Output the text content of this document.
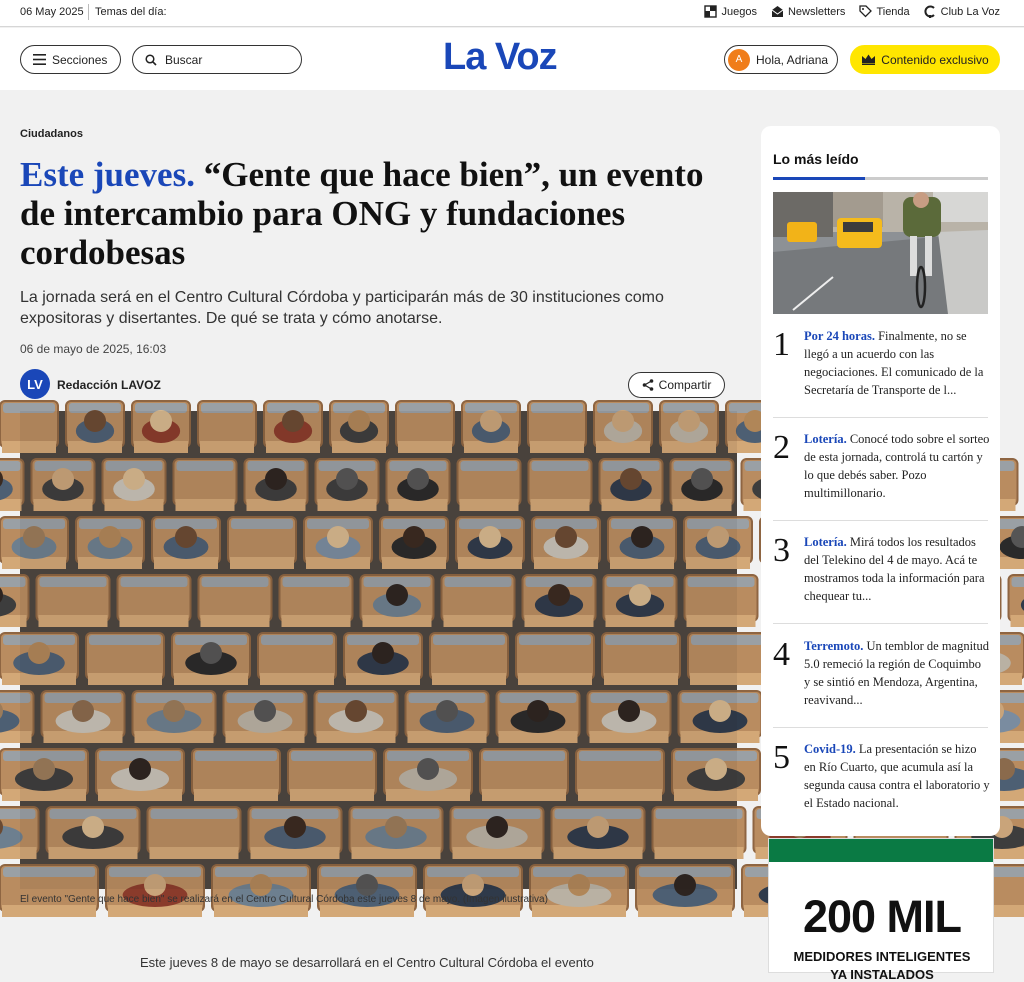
06 May 2025 Temas del día:	Juegos	Newsletters	Tienda	Club La Voz
Secciones
Buscar	La Voz	A	Hola, Adriana	Contenido exclusivo
Ciudadanos
Este jueves. “Gente que hace bien”, un evento de intercambio para ONG y fundaciones cordobesas

La jornada será en el Centro Cultural Córdoba y participarán más de 30 instituciones como expositoras y disertantes. De qué se trata y cómo anotarse.

06 de mayo de 2025, 16:03
LV	Redacción LAVOZ	Compartir
El evento "Gente que hace bien" se realizará en el Centro Cultural Córdoba este jueves 8 de mayo. (Imagen ilustrativa)

Este jueves 8 de mayo se desarrollará en el Centro Cultural Córdoba el evento

Lo más leído
1 Por 24 horas. Finalmente, no se llegó a un acuerdo con las negociaciones. El comunicado de la Secretaría de Transporte de l...
2 Lotería. Conocé todo sobre el sorteo de esta jornada, controlá tu cartón y lo que debés saber. Pozo multimillonario.
3 Lotería. Mirá todos los resultados del Telekino del 4 de mayo. Acá te mostramos toda la información para chequear tu...
4 Terremoto. Un temblor de magnitud 5.0 remeció la región de Coquimbo y se sintió en Mendoza, Argentina, reavivand...
5 Covid-19. La presentación se hizo en Río Cuarto, que acumula así la segunda causa contra el laboratorio y el Estado nacional.
200 MIL
MEDIDORES INTELIGENTES
YA INSTALADOS
